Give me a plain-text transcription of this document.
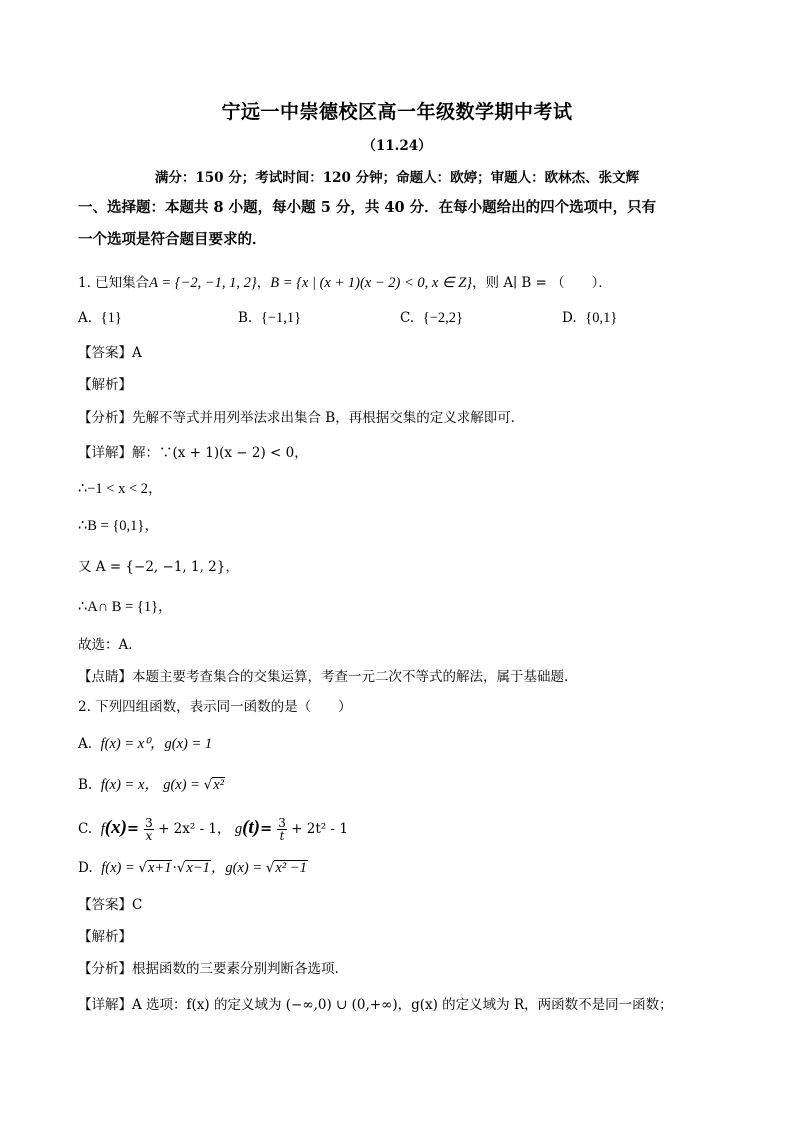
宁远一中崇德校区高一年级数学期中考试
（11.24）
满分：150 分；考试时间：120 分钟；命题人：欧婷；审题人：欧林杰、张文辉
一、选择题：本题共 8 小题，每小题 5 分，共 40 分．在每小题给出的四个选项中，只有
一个选项是符合题目要求的．
1. 已知集合A = {−2, −1, 1, 2}，B = {x | (x + 1)(x − 2) < 0, x ∈ Z}，则 A∣ B = （　　）．
A. {1}	B. {−1,1}	C. {−2,2}	D. {0,1}
【答案】A
【解析】
【分析】先解不等式并用列举法求出集合 B，再根据交集的定义求解即可．
【详解】解：∵(x + 1)(x − 2) < 0，
∴−1 < x < 2，
∴B = {0,1}，
又 A = {−2, −1, 1, 2}，
∴A∩ B = {1}，
故选：A．
【点睛】本题主要考查集合的交集运算，考查一元二次不等式的解法，属于基础题．
2. 下列四组函数，表示同一函数的是（　　）
A. f(x) = x⁰，g(x) = 1
B. f(x) = x， g(x) = √x²
C. $f(x)= \frac{3}{x} + 2x^2 - 1$， $g(t)= \frac{3}{t} + 2t^2 - 1$
D. f(x) = √x+1·√x−1，g(x) = √x² −1
【答案】C
【解析】
【分析】根据函数的三要素分别判断各选项.
【详解】A 选项：f(x) 的定义域为 (−∞,0) ∪ (0,+∞)，g(x) 的定义域为 R，两函数不是同一函数；
